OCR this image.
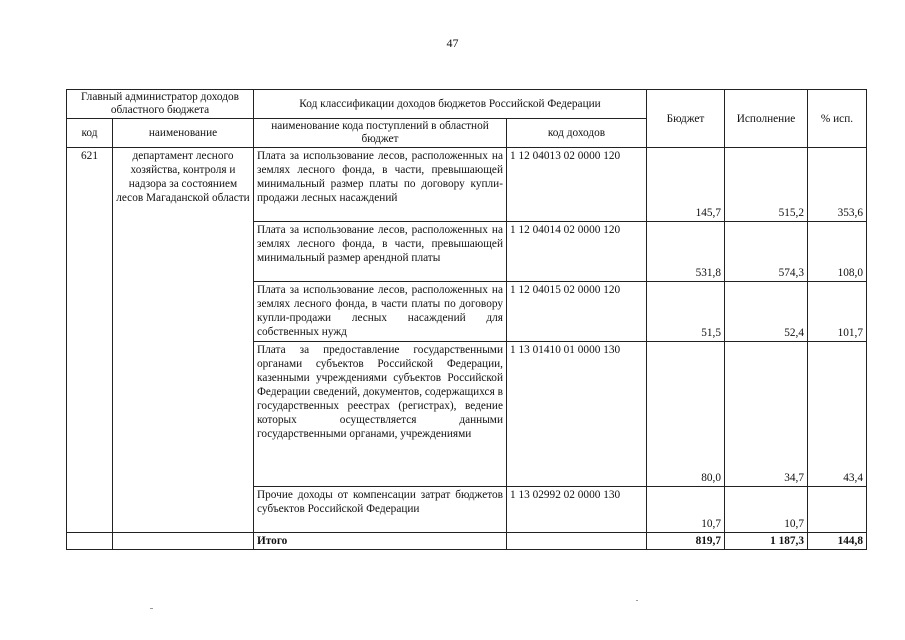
47
Главный администратор доходов областного бюджета		Код классификации доходов бюджетов Российской Федерации		Бюджет	Исполнение	% исп.
код	наименование	наименование кода поступлений в областной бюджет	код доходов			
621	департамент лесного хозяйства, контроля и надзора за состоянием лесов Магаданской области	Плата за использование лесов, расположенных на землях лесного фонда, в части, превышающей минимальный размер платы по договору купли-продажи лесных насаждений	1 12 04013 02 0000 120	145,7	515,2	353,6
		Плата за использование лесов, расположенных на землях лесного фонда, в части, превышающей минимальный размер арендной платы	1 12 04014 02 0000 120	531,8	574,3	108,0
		Плата за использование лесов, расположенных на землях лесного фонда, в части платы по договору купли-продажи лесных насаждений для собственных нужд	1 12 04015 02 0000 120	51,5	52,4	101,7
		Плата за предоставление государственными органами субъектов Российской Федерации, казенными учреждениями субъектов Российской Федерации сведений, документов, содержащихся в государственных реестрах (регистрах), ведение которых осуществляется данными государственными органами, учреждениями	1 13 01410 01 0000 130	80,0	34,7	43,4
		Прочие доходы от компенсации затрат бюджетов субъектов Российской Федерации	1 13 02992 02 0000 130	10,7	10,7	
		Итого		819,7	1 187,3	144,8
